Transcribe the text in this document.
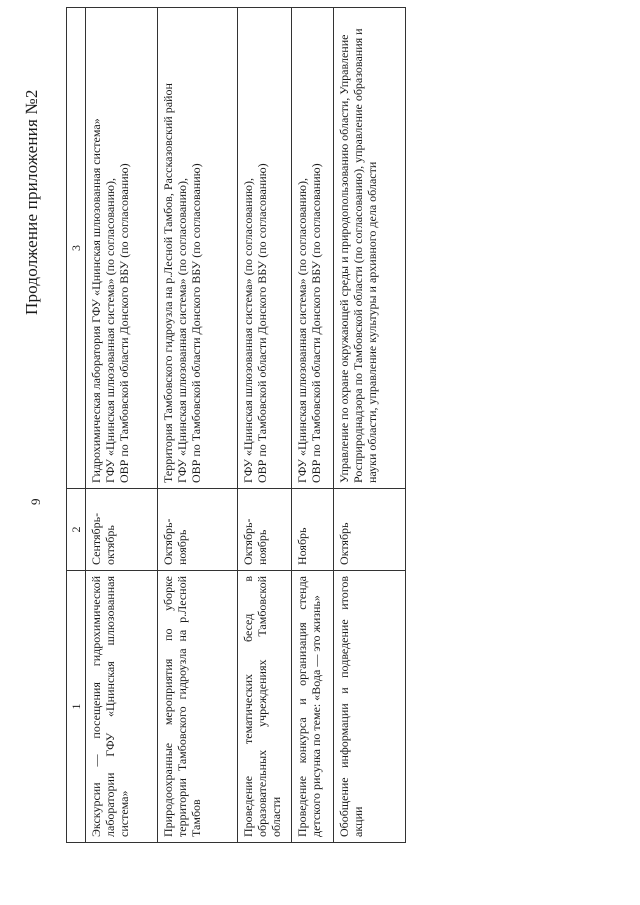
9
Продолжение приложения №2
1	2	3
Экскурсии — посещения гидрохимической лаборатории ГФУ «Цнинская шлюзованная система»	Сентябрь-октябрь	Гидрохимическая лаборатория ГФУ «Цнинская шлюзованная система» ГФУ «Цнинская шлюзованная система» (по согласованию), ОВР по Тамбовской области Донского ВБУ (по согласованию)

Природоохранные мероприятия по уборке территории Тамбовского гидроузла на р.Лесной Тамбов	Октябрь-ноябрь	Территория Тамбовского гидроузла на р.Лесной Тамбов, Рассказовский район ГФУ «Цнинская шлюзованная система» (по согласованию), ОВР по Тамбовской области Донского ВБУ (по согласованию)

Проведение тематических бесед в образовательных учреждениях Тамбовской области	Октябрь-ноябрь	ГФУ «Цнинская шлюзованная система» (по согласованию), ОВР по Тамбовской области Донского ВБУ (по согласованию)

Проведение конкурса и организация стенда детского рисунка по теме: «Вода — это жизнь»	Ноябрь	ГФУ «Цнинская шлюзованная система» (по согласованию), ОВР по Тамбовской области Донского ВБУ (по согласованию)

Обобщение информации и подведение итогов акции	Октябрь	Управление по охране окружающей среды и природопользованию области, Управление Росприроднадзора по Тамбовской области (по согласованию), управление образования и науки области, управление культуры и архивного дела области
